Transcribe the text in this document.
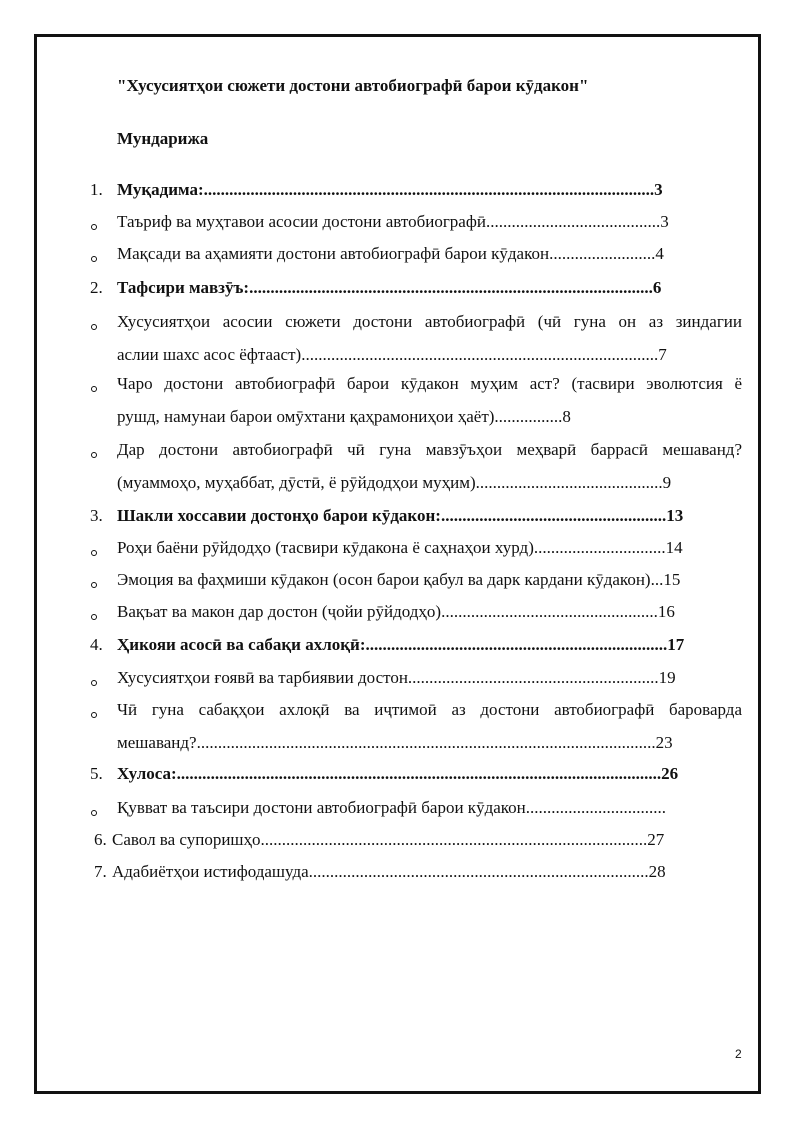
"Хусусиятҳои сюжети достони автобиографӣ барои кӯдакон"
Мундарижа
1. Муқадима:..........................................................................................................3
Таъриф ва муҳтавои асосии достони автобиографӣ.........................................3
Мақсади ва аҳамияти достони автобиографӣ барои кӯдакон.........................4
2. Тафсири мавзӯъ:...............................................................................................6
Хусусиятҳои асосии сюжети достони автобиографӣ (чӣ гуна он аз зиндагии
аслии шахс асос ёфтааст)....................................................................................7
Чаро достони автобиографӣ барои кӯдакон муҳим аст? (тасвири эволютсия ё
рушд, намунаи барои омӯхтани қаҳрамониҳои ҳаёт)................8
Дар достони автобиографӣ чӣ гуна мавзӯъҳои меҳварӣ баррасӣ мешаванд?
(муаммоҳо, муҳаббат, дӯстӣ, ё рӯйдодҳои муҳим)............................................9
3. Шакли хоссавии достонҳо барои кӯдакон:.....................................................13
Роҳи баёни рӯйдодҳо (тасвири кӯдакона ё саҳнаҳои хурд)...............................14
Эмоция ва фаҳмиши кӯдакон (осон барои қабул ва дарк кардани кӯдакон)...15
Вақъат ва макон дар достон (ҷойи рӯйдодҳо)...................................................16
4. Ҳикояи асосӣ ва сабақи ахлоқӣ:.......................................................................17
Хусусиятҳои ғоявӣ ва тарбиявии достон...........................................................19
Чӣ гуна сабақҳои ахлоқӣ ва иҷтимоӣ аз достони автобиографӣ бароварда
мешаванд?............................................................................................................23
5. Хулоса:..................................................................................................................26
Қувват ва таъсири достони автобиографӣ барои кӯдакон.................................
6. Савол ва супоришҳо...........................................................................................27
7. Адабиётҳои истифодашуда................................................................................28
2
